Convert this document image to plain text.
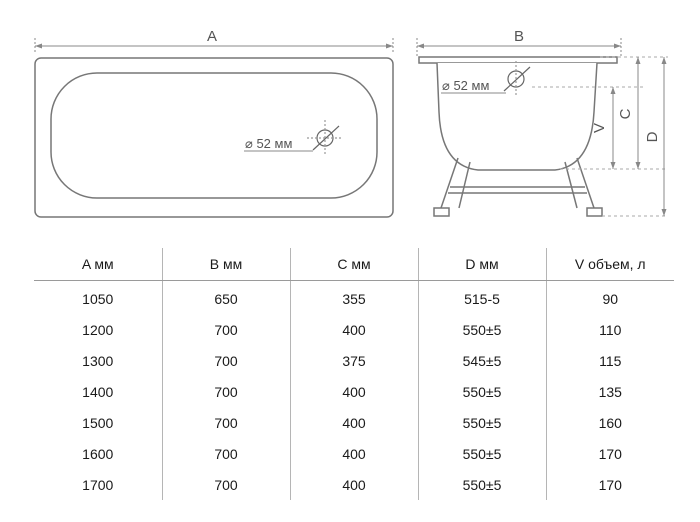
A
⌀ 52 мм
B
⌀ 52 мм
V
C
D
A мм	B мм	C мм	D мм	V объем, л
1050	650	355	515-5	90
1200	700	400	550±5	110
1300	700	375	545±5	115
1400	700	400	550±5	135
1500	700	400	550±5	160
1600	700	400	550±5	170
1700	700	400	550±5	170
